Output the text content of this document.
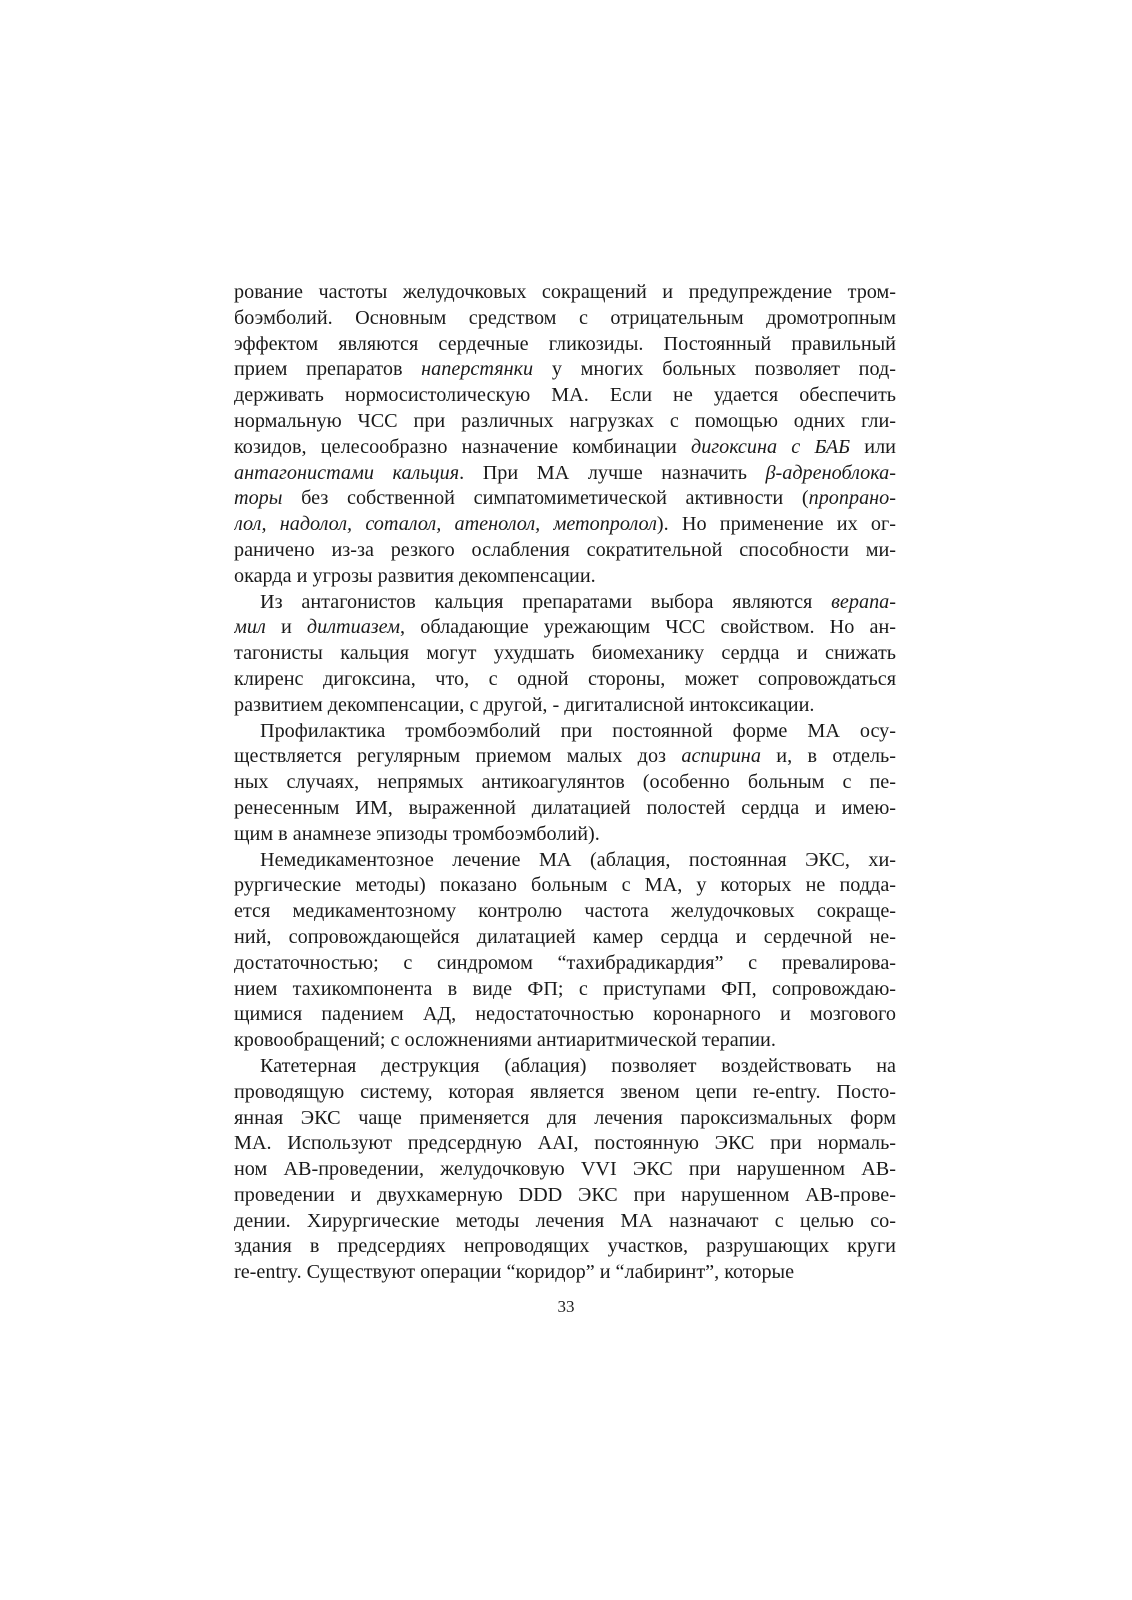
рование частоты желудочковых сокращений и предупреждение тром-
боэмболий. Основным средством с отрицательным дромотропным
эффектом являются сердечные гликозиды. Постоянный правильный
прием препаратов наперстянки у многих больных позволяет под-
держивать нормосистолическую МА. Если не удается обеспечить
нормальную ЧСС при различных нагрузках с помощью одних гли-
козидов, целесообразно назначение комбинации дигоксина с БАБ или
антагонистами кальция. При МА лучше назначить β-адреноблока-
торы без собственной симпатомиметической активности (пропрано-
лол, надолол, соталол, атенолол, метопролол). Но применение их ог-
раничено из-за резкого ослабления сократительной способности ми-
окарда и угрозы развития декомпенсации.
Из антагонистов кальция препаратами выбора являются верапа-
мил и дилтиазем, обладающие урежающим ЧСС свойством. Но ан-
тагонисты кальция могут ухудшать биомеханику сердца и снижать
клиренс дигоксина, что, с одной стороны, может сопровождаться
развитием декомпенсации, с другой, - дигиталисной интоксикации.
Профилактика тромбоэмболий при постоянной форме МА осу-
ществляется регулярным приемом малых доз аспирина и, в отдель-
ных случаях, непрямых антикоагулянтов (особенно больным с пе-
ренесенным ИМ, выраженной дилатацией полостей сердца и имею-
щим в анамнезе эпизоды тромбоэмболий).
Немедикаментозное лечение МА (аблация, постоянная ЭКС, хи-
рургические методы) показано больным с МА, у которых не подда-
ется медикаментозному контролю частота желудочковых сокраще-
ний, сопровождающейся дилатацией камер сердца и сердечной не-
достаточностью; с синдромом “тахибрадикардия” с превалирова-
нием тахикомпонента в виде ФП; с приступами ФП, сопровождаю-
щимися падением АД, недостаточностью коронарного и мозгового
кровообращений; с осложнениями антиаритмической терапии.
Катетерная деструкция (аблация) позволяет воздействовать на
проводящую систему, которая является звеном цепи re-entry. Посто-
янная ЭКС чаще применяется для лечения пароксизмальных форм
МА. Используют предсердную AAI, постоянную ЭКС при нормаль-
ном АВ-проведении, желудочковую VVI ЭКС при нарушенном АВ-
проведении и двухкамерную DDD ЭКС при нарушенном АВ-прове-
дении. Хирургические методы лечения МА назначают с целью со-
здания в предсердиях непроводящих участков, разрушающих круги
re-entry. Существуют операции “коридор” и “лабиринт”, которые
33
